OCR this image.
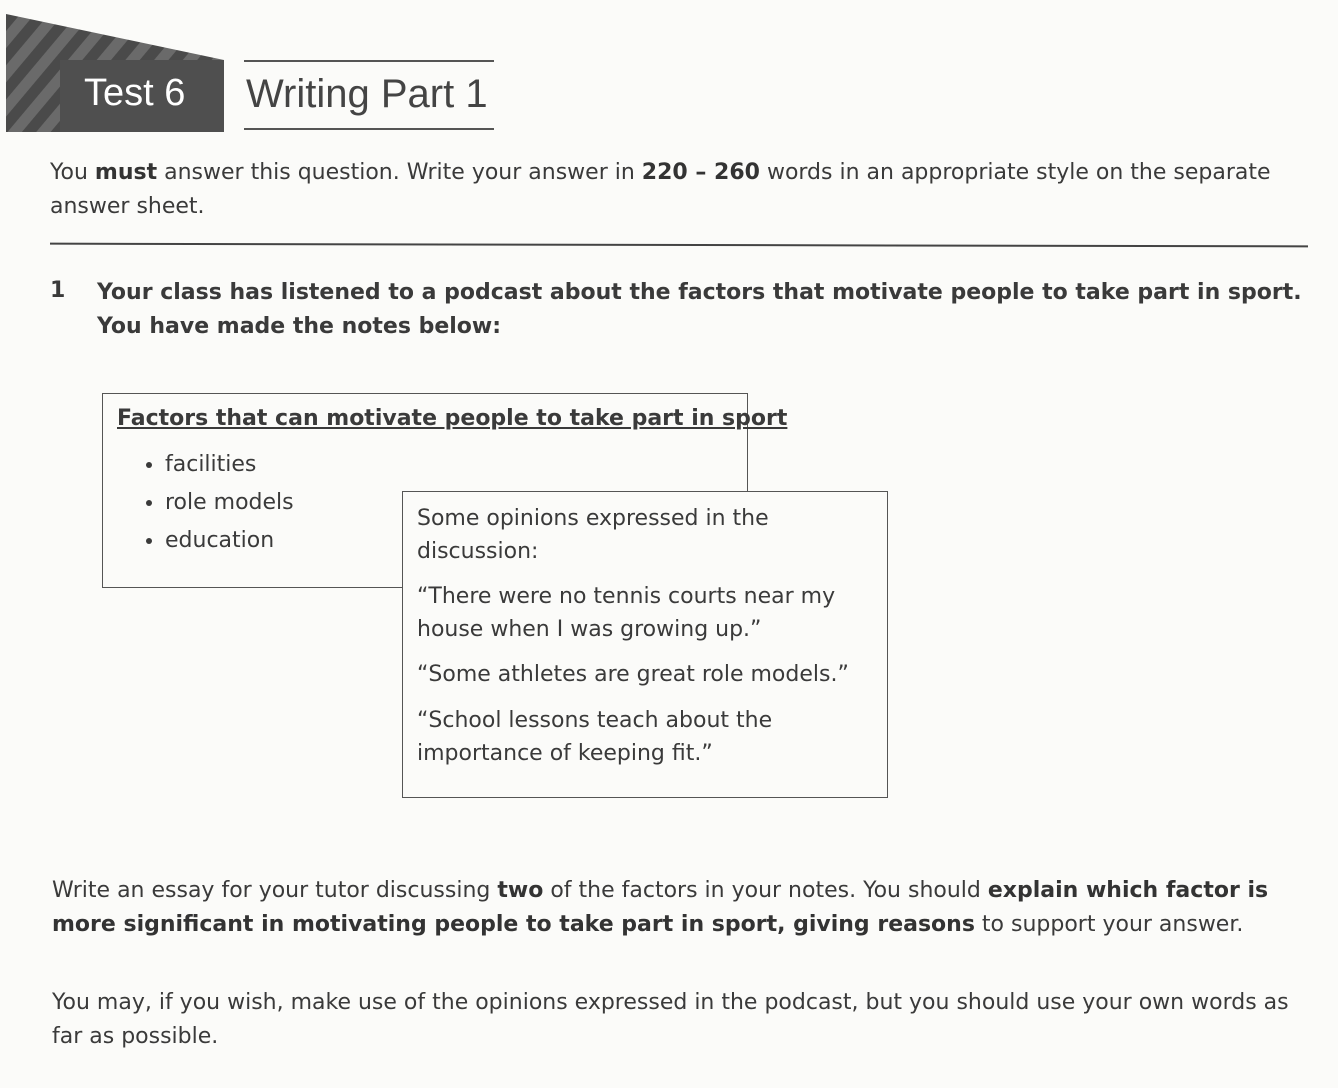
Test 6 Writing Part 1
You must answer this question. Write your answer in 220 – 260 words in an appropriate style on the separate answer sheet.
1 Your class has listened to a podcast about the factors that motivate people to take part in sport. You have made the notes below:
Factors that can motivate people to take part in sport
• facilities
• role models
• education
Some opinions expressed in the discussion:
“There were no tennis courts near my house when I was growing up.”
“Some athletes are great role models.”
“School lessons teach about the importance of keeping fit.”
Write an essay for your tutor discussing two of the factors in your notes. You should explain which factor is more significant in motivating people to take part in sport, giving reasons to support your answer.
You may, if you wish, make use of the opinions expressed in the podcast, but you should use your own words as far as possible.
